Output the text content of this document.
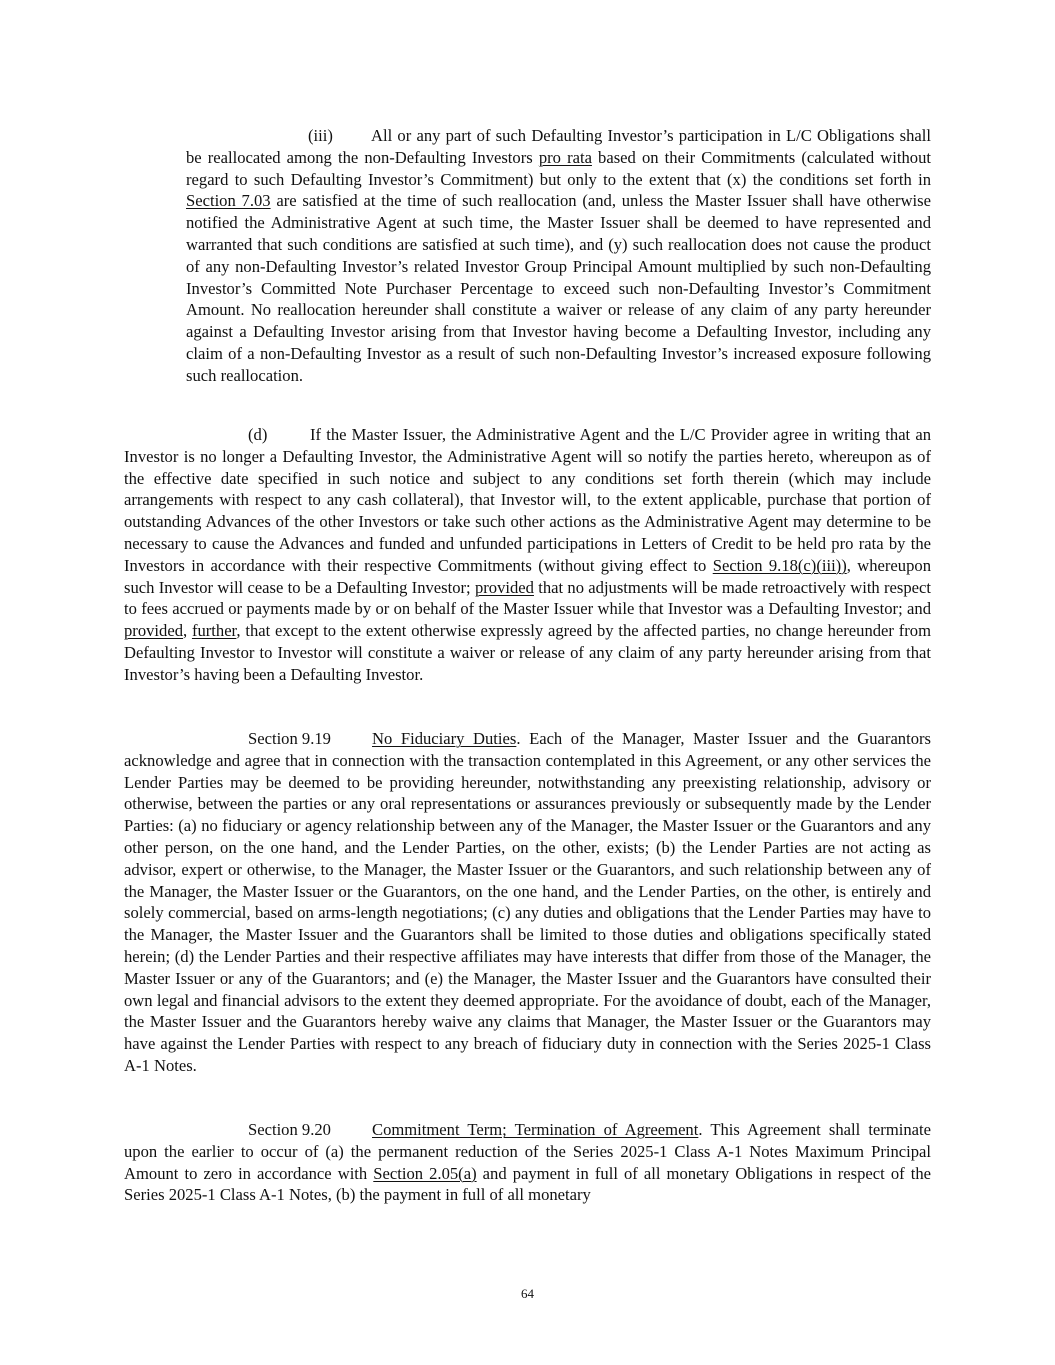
(iii) All or any part of such Defaulting Investor’s participation in L/C Obligations shall be reallocated among the non-Defaulting Investors pro rata based on their Commitments (calculated without regard to such Defaulting Investor’s Commitment) but only to the extent that (x) the conditions set forth in Section 7.03 are satisfied at the time of such reallocation (and, unless the Master Issuer shall have otherwise notified the Administrative Agent at such time, the Master Issuer shall be deemed to have represented and warranted that such conditions are satisfied at such time), and (y) such reallocation does not cause the product of any non-Defaulting Investor’s related Investor Group Principal Amount multiplied by such non-Defaulting Investor’s Committed Note Purchaser Percentage to exceed such non-Defaulting Investor’s Commitment Amount. No reallocation hereunder shall constitute a waiver or release of any claim of any party hereunder against a Defaulting Investor arising from that Investor having become a Defaulting Investor, including any claim of a non-Defaulting Investor as a result of such non-Defaulting Investor’s increased exposure following such reallocation.

(d)	If the Master Issuer, the Administrative Agent and the L/C Provider agree in writing that an Investor is no longer a Defaulting Investor, the Administrative Agent will so notify the parties hereto, whereupon as of the effective date specified in such notice and subject to any conditions set forth therein (which may include arrangements with respect to any cash collateral), that Investor will, to the extent applicable, purchase that portion of outstanding Advances of the other Investors or take such other actions as the Administrative Agent may determine to be necessary to cause the Advances and funded and unfunded participations in Letters of Credit to be held pro rata by the Investors in accordance with their respective Commitments (without giving effect to Section 9.18(c)(iii)), whereupon such Investor will cease to be a Defaulting Investor; provided that no adjustments will be made retroactively with respect to fees accrued or payments made by or on behalf of the Master Issuer while that Investor was a Defaulting Investor; and provided, further, that except to the extent otherwise expressly agreed by the affected parties, no change hereunder from Defaulting Investor to Investor will constitute a waiver or release of any claim of any party hereunder arising from that Investor’s having been a Defaulting Investor.

Section 9.19 No Fiduciary Duties. Each of the Manager, Master Issuer and the Guarantors acknowledge and agree that in connection with the transaction contemplated in this Agreement, or any other services the Lender Parties may be deemed to be providing hereunder, notwithstanding any preexisting relationship, advisory or otherwise, between the parties or any oral representations or assurances previously or subsequently made by the Lender Parties: (a) no fiduciary or agency relationship between any of the Manager, the Master Issuer or the Guarantors and any other person, on the one hand, and the Lender Parties, on the other, exists; (b) the Lender Parties are not acting as advisor, expert or otherwise, to the Manager, the Master Issuer or the Guarantors, and such relationship between any of the Manager, the Master Issuer or the Guarantors, on the one hand, and the Lender Parties, on the other, is entirely and solely commercial, based on arms-length negotiations; (c) any duties and obligations that the Lender Parties may have to the Manager, the Master Issuer and the Guarantors shall be limited to those duties and obligations specifically stated herein; (d) the Lender Parties and their respective affiliates may have interests that differ from those of the Manager, the Master Issuer or any of the Guarantors; and (e) the Manager, the Master Issuer and the Guarantors have consulted their own legal and financial advisors to the extent they deemed appropriate. For the avoidance of doubt, each of the Manager, the Master Issuer and the Guarantors hereby waive any claims that Manager, the Master Issuer or the Guarantors may have against the Lender Parties with respect to any breach of fiduciary duty in connection with the Series 2025-1 Class A-1 Notes.

Section 9.20 Commitment Term; Termination of Agreement. This Agreement shall terminate upon the earlier to occur of (a) the permanent reduction of the Series 2025-1 Class A-1 Notes Maximum Principal Amount to zero in accordance with Section 2.05(a) and payment in full of all monetary Obligations in respect of the Series 2025-1 Class A-1 Notes, (b) the payment in full of all monetary

64
